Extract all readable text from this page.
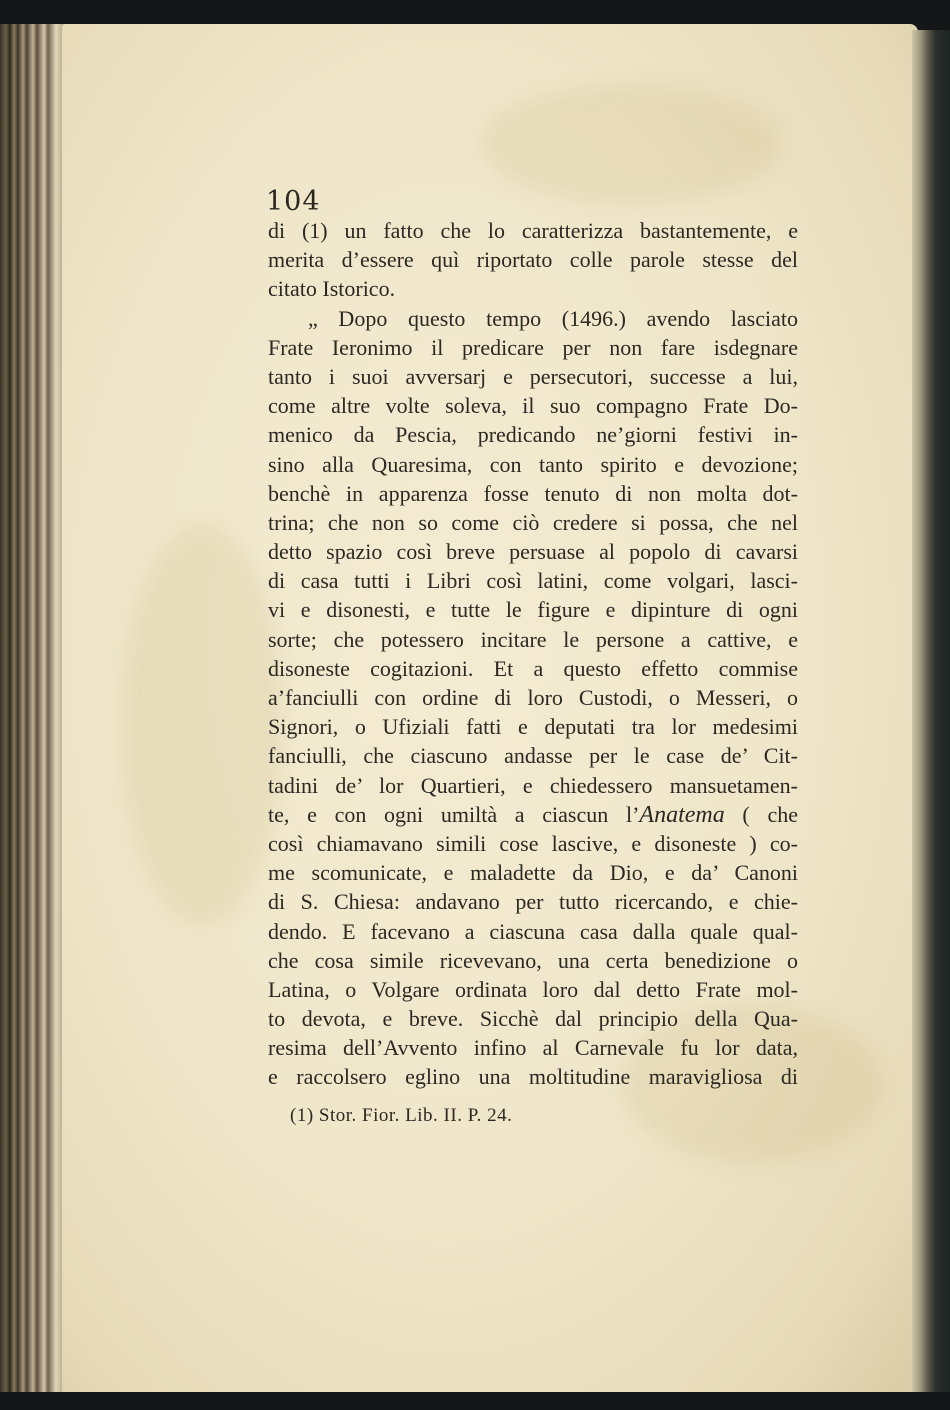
104
di (1) un fatto che lo caratterizza bastantemente, e
merita d’essere quì riportato colle parole stesse del
citato Istorico.
„ Dopo questo tempo (1496.) avendo lasciato
Frate Ieronimo il predicare per non fare isdegnare
tanto i suoi avversarj e persecutori, successe a lui,
come altre volte soleva, il suo compagno Frate Do-
menico da Pescia, predicando ne’giorni festivi in-
sino alla Quaresima, con tanto spirito e devozione;
benchè in apparenza fosse tenuto di non molta dot-
trina; che non so come ciò credere si possa, che nel
detto spazio così breve persuase al popolo di cavarsi
di casa tutti i Libri così latini, come volgari, lasci-
vi e disonesti, e tutte le figure e dipinture di ogni
sorte; che potessero incitare le persone a cattive, e
disoneste cogitazioni. Et a questo effetto commise
a’fanciulli con ordine di loro Custodi, o Messeri, o
Signori, o Ufiziali fatti e deputati tra lor medesimi
fanciulli, che ciascuno andasse per le case de’ Cit-
tadini de’ lor Quartieri, e chiedessero mansuetamen-
te, e con ogni umiltà a ciascun l’Anatema ( che
così chiamavano simili cose lascive, e disoneste ) co-
me scomunicate, e maladette da Dio, e da’ Canoni
di S. Chiesa: andavano per tutto ricercando, e chie-
dendo. E facevano a ciascuna casa dalla quale qual-
che cosa simile ricevevano, una certa benedizione o
Latina, o Volgare ordinata loro dal detto Frate mol-
to devota, e breve. Sicchè dal principio della Qua-
resima dell’Avvento infino al Carnevale fu lor data,
e raccolsero eglino una moltitudine maravigliosa di
(1) Stor. Fior. Lib. II. P. 24.
